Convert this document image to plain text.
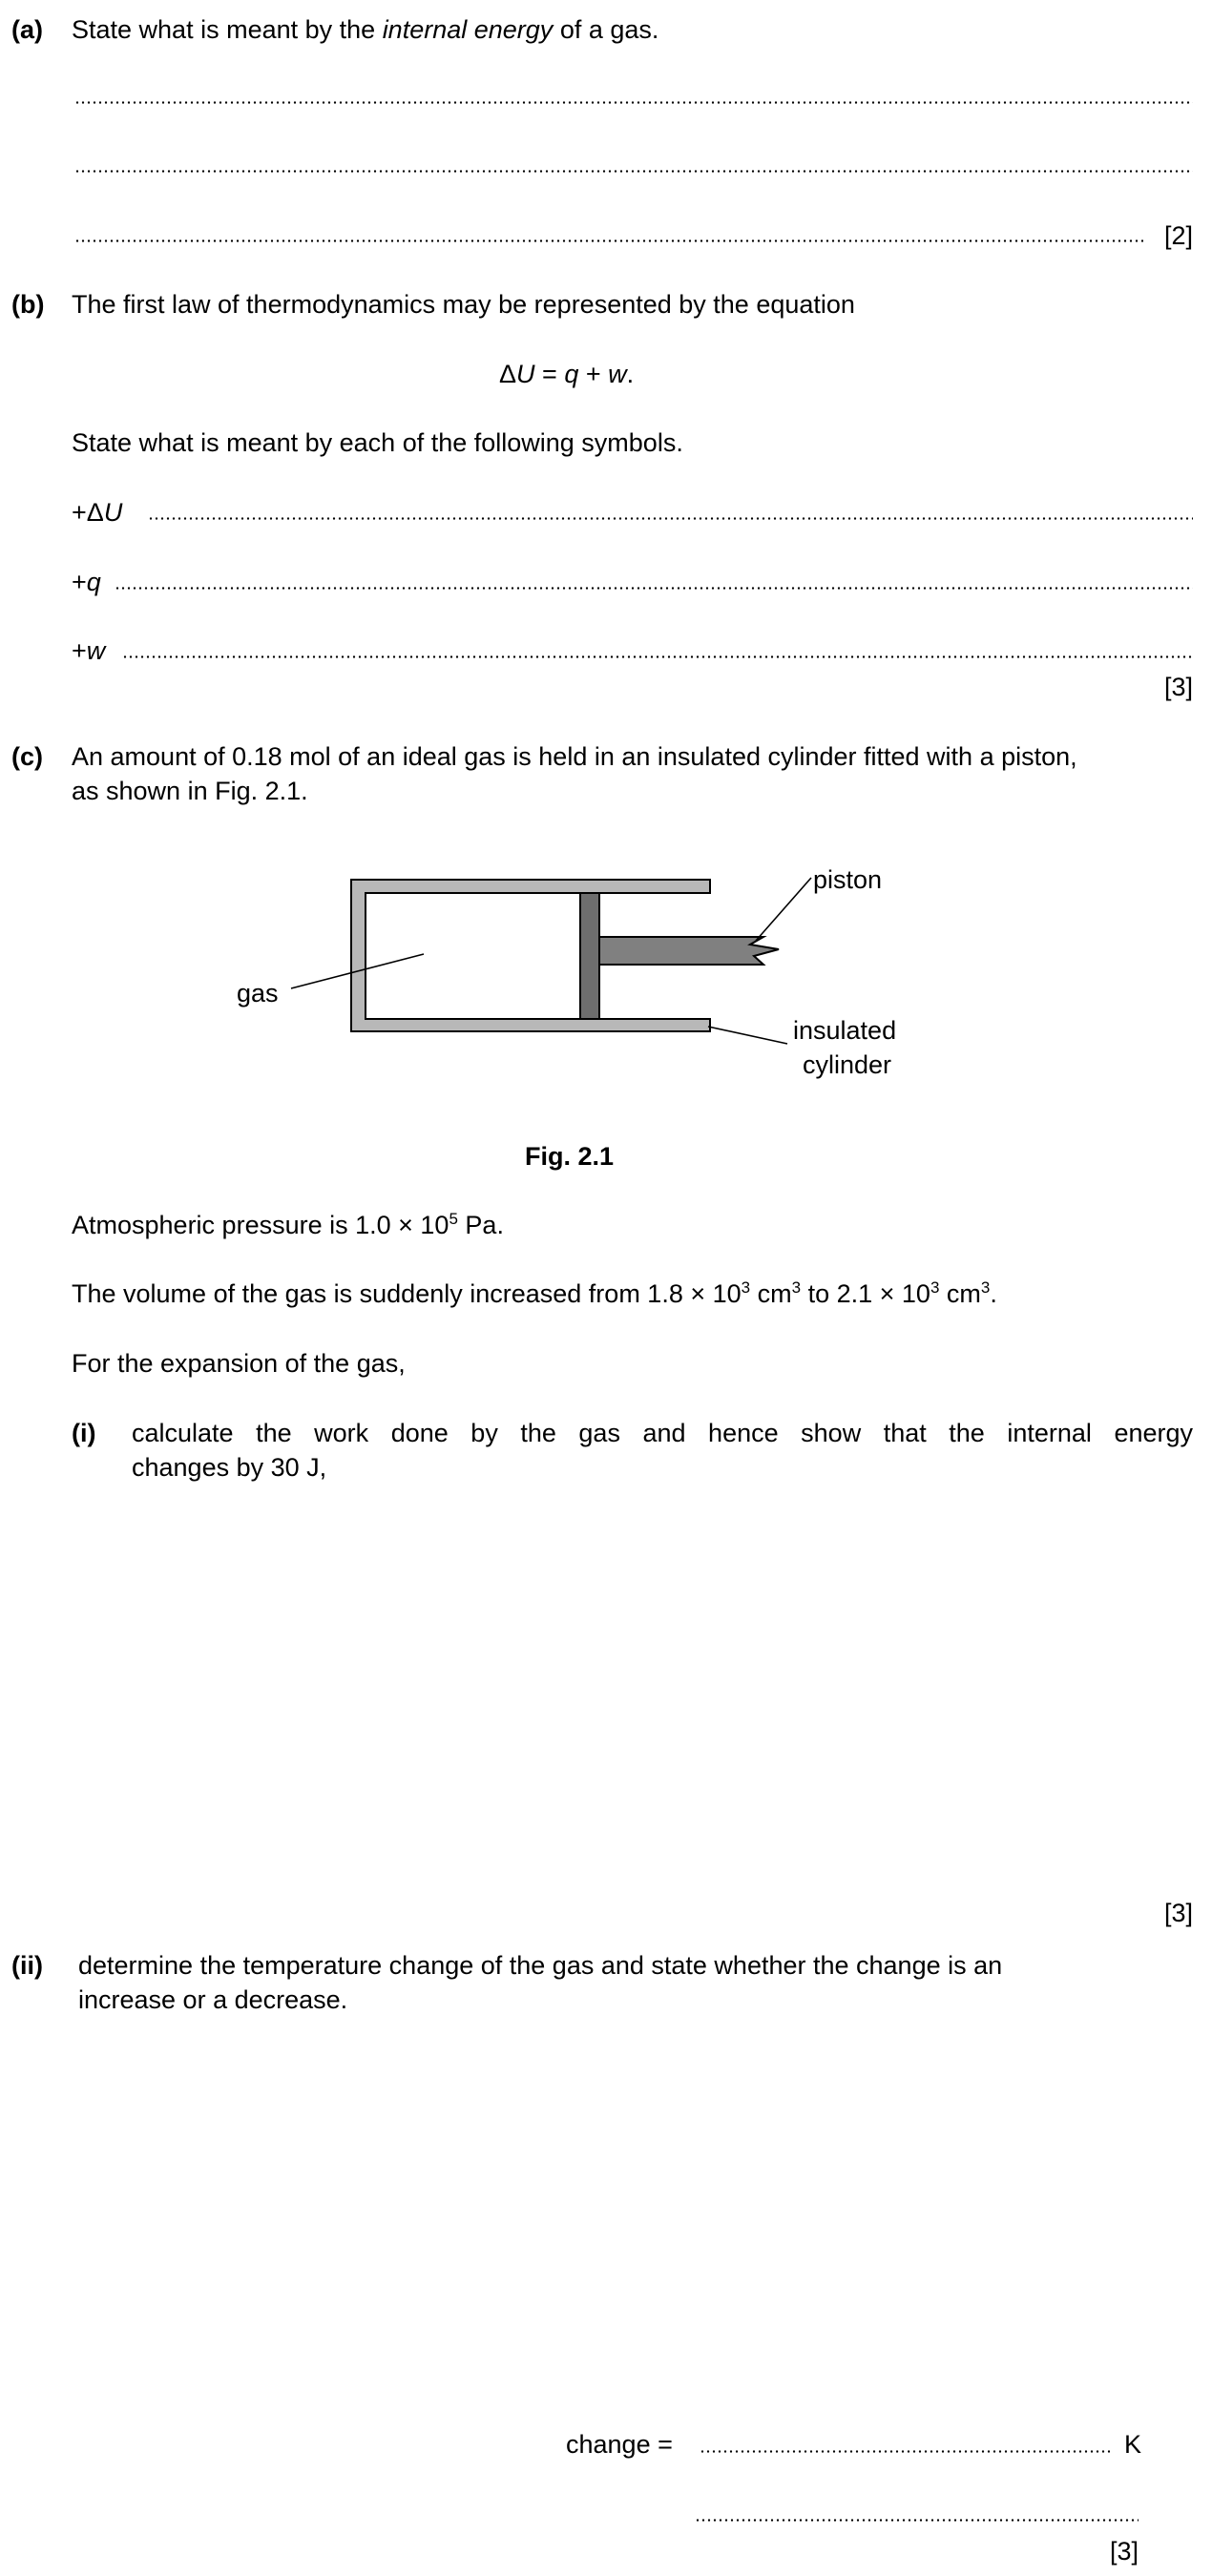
(a) State what is meant by the internal energy of a gas.
[2]
(b) The first law of thermodynamics may be represented by the equation
ΔU = q + w.
State what is meant by each of the following symbols.
+ΔU
+q
+w
[3]
(c) An amount of 0.18 mol of an ideal gas is held in an insulated cylinder fitted with a piston,
as shown in Fig. 2.1.
gas
piston
insulated
cylinder
Fig. 2.1
Atmospheric pressure is $1.0 \times 10^5$ Pa.
The volume of the gas is suddenly increased from $1.8 \times 10^3$ $cm^3$ to $2.1 \times 10^3$ $cm^3$.
For the expansion of the gas,
(i) calculate the work done by the gas and hence show that the internal energy
changes by 30 J,
[3]
(ii) determine the temperature change of the gas and state whether the change is an
increase or a decrease.
change =	K
[3]
